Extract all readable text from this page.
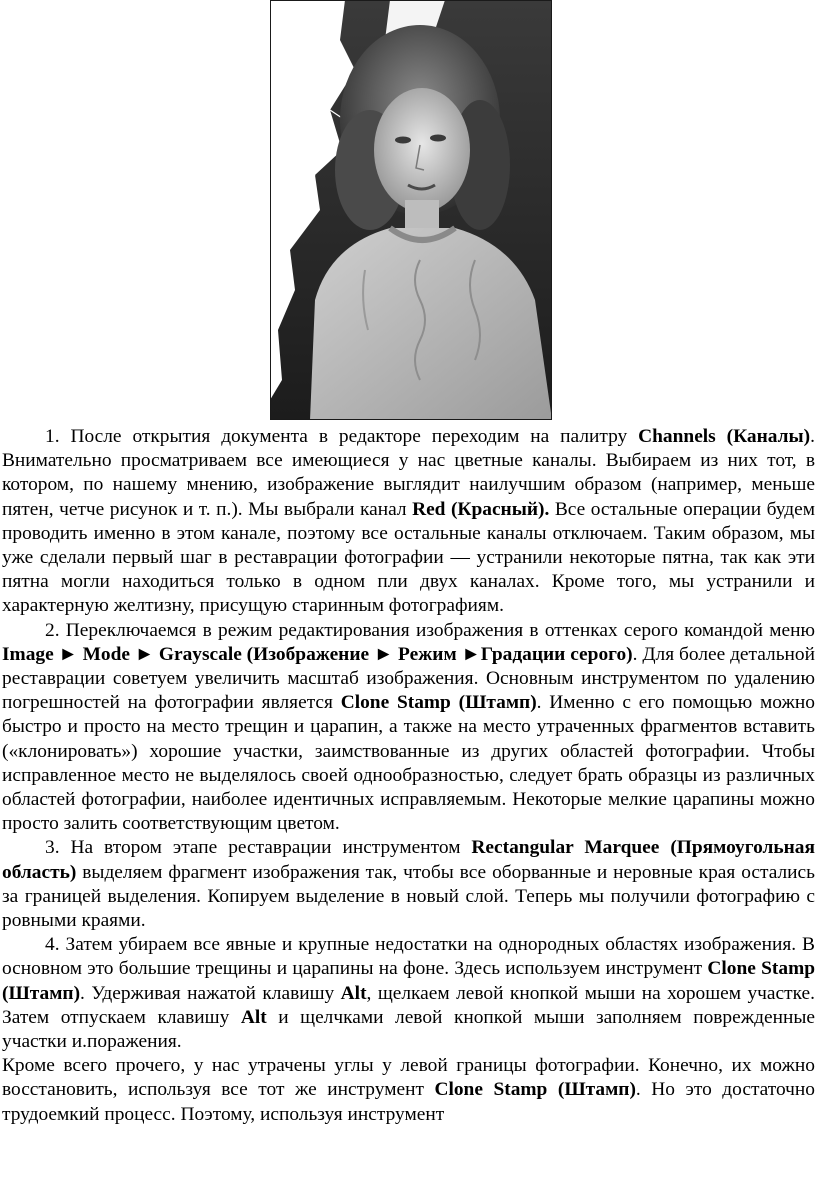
1. После открытия документа в редакторе переходим на палитру Channels (Каналы). Внимательно просматриваем все имеющиеся у нас цветные каналы. Выбираем из них тот, в котором, по нашему мнению, изображение выглядит наилучшим образом (например, меньше пятен, четче рисунок и т. п.). Мы выбрали канал Red (Красный). Все остальные операции будем проводить именно в этом канале, поэтому все остальные каналы отключаем. Таким образом, мы уже сделали первый шаг в реставрации фотографии — устранили некоторые пятна, так как эти пятна могли находиться только в одном пли двух каналах. Кроме того, мы устранили и характерную желтизну, присущую старинным фотографиям.

2. Переключаемся в режим редактирования изображения в оттенках серого командой меню Image ► Mode ► Grayscale (Изображение ► Режим ►Градации серого). Для более детальной реставрации советуем увеличить масштаб изображения. Основным инструментом по удалению погрешностей на фотографии является Clone Stamp (Штамп). Именно с его помощью можно быстро и просто на место трещин и царапин, а также на место утраченных фрагментов вставить («клонировать») хорошие участки, заимствованные из других областей фотографии. Чтобы исправленное место не выделялось своей однообразностью, следует брать образцы из различных областей фотографии, наиболее идентичных исправляемым. Некоторые мелкие царапины можно просто залить соответствующим цветом.

3. На втором этапе реставрации инструментом Rectangular Marquee (Прямоугольная область) выделяем фрагмент изображения так, чтобы все оборванные и неровные края остались за границей выделения. Копируем выделение в новый слой. Теперь мы получили фотографию с ровными краями.

4. Затем убираем все явные и крупные недостатки на однородных областях изображения. В основном это большие трещины и царапины на фоне. Здесь используем инструмент Clone Stamp (Штамп). Удерживая нажатой клавишу Alt, щелкаем левой кнопкой мыши на хорошем участке. Затем отпускаем клавишу Alt и щелчками левой кнопкой мыши заполняем поврежденные участки и.поражения.

Кроме всего прочего, у нас утрачены углы у левой границы фотографии. Конечно, их можно восстановить, используя все тот же инструмент Clone Stamp (Штамп). Но это достаточно трудоемкий процесс. Поэтому, используя инструмент
